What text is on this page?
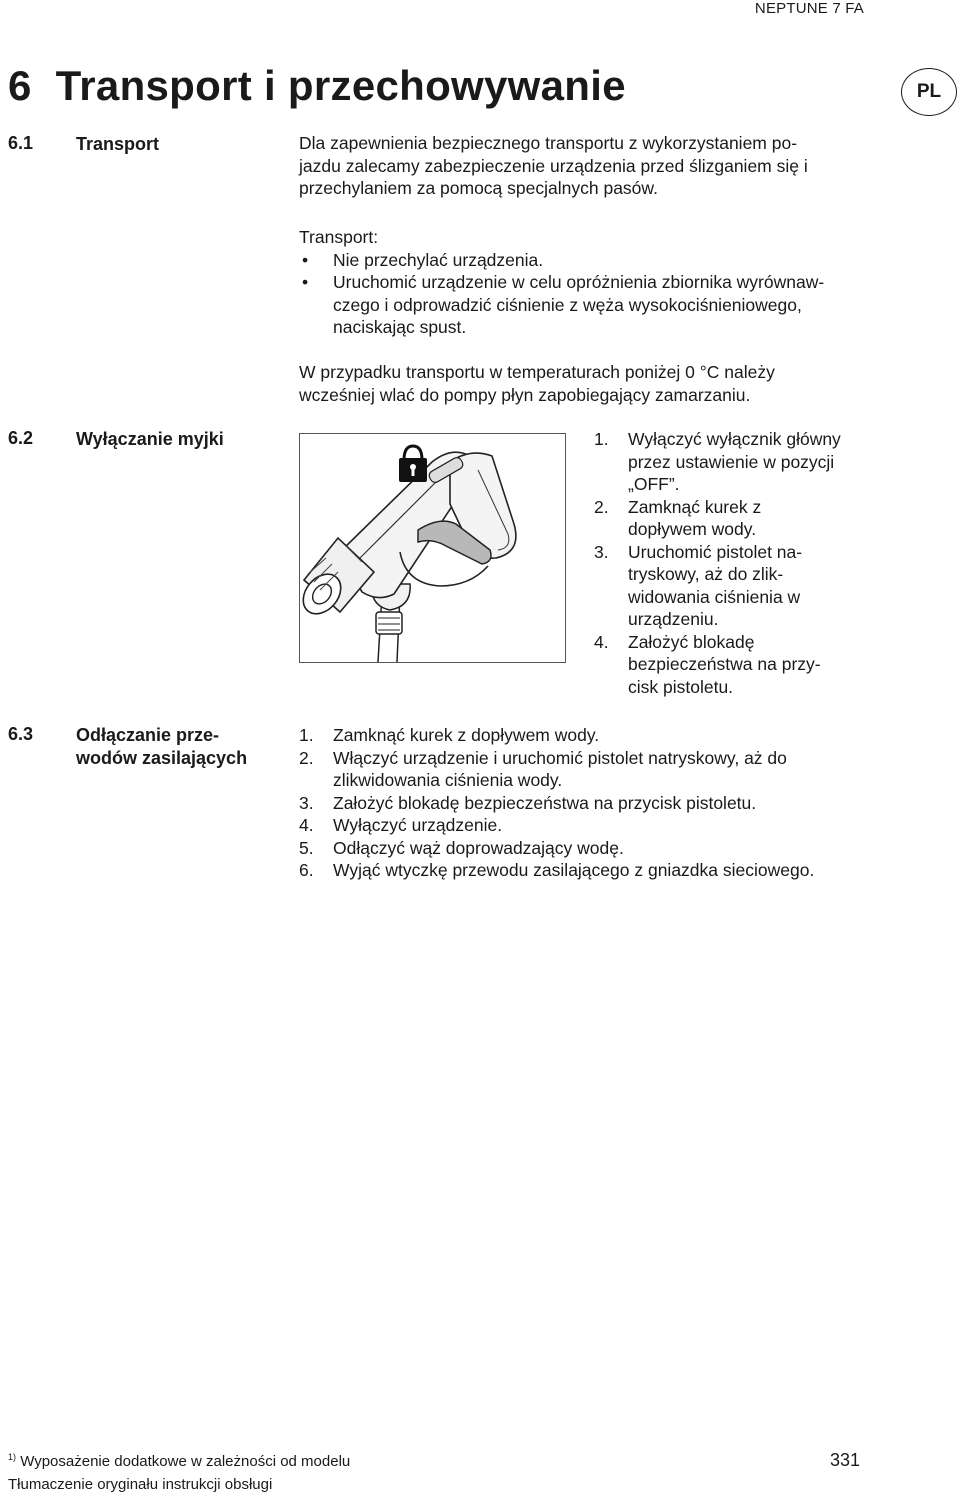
NEPTUNE 7 FA
6 Transport i przechowywanie	PL
6.1 Transport	Dla zapewnienia bezpiecznego transportu z wykorzystaniem po-

jazdu zalecamy zabezpieczenie urządzenia przed ślizganiem się i

przechylaniem za pomocą specjalnych pasów.

Transport:

• Nie przechylać urządzenia.
• Uruchomić urządzenie w celu opróżnienia zbiornika wyrównaw-
czego i odprowadzić ciśnienie z węża wysokociśnieniowego,
naciskając spust.

W przypadku transportu w temperaturach poniżej 0 °C należy

wcześniej wlać do pompy płyn zapobiegający zamarzaniu.

6.2 Wyłączanie myjki	1.	Wyłączyć wyłącznik główny
przez ustawienie w pozycji
„OFF”.
2.	Zamknąć kurek z
dopływem wody.
3.	Uruchomić pistolet na-
tryskowy, aż do zlik-
widowania ciśnienia w
urządzeniu.
4.	Założyć blokadę
bezpieczeństwa na przy-
cisk pistoletu.
6.3 Odłączanie prze-
wodów zasilających
1.	Zamknąć kurek z dopływem wody.
2.	Włączyć urządzenie i uruchomić pistolet natryskowy, aż do
zlikwidowania ciśnienia wody.
3.	Założyć blokadę bezpieczeństwa na przycisk pistoletu.
4.	Wyłączyć urządzenie.
5.	Odłączyć wąż doprowadzający wodę.
6.	Wyjąć wtyczkę przewodu zasilającego z gniazdka sieciowego.
$^{1)}$ Wyposażenie dodatkowe w zależności od modelu
Tłumaczenie oryginału instrukcji obsługi
331
